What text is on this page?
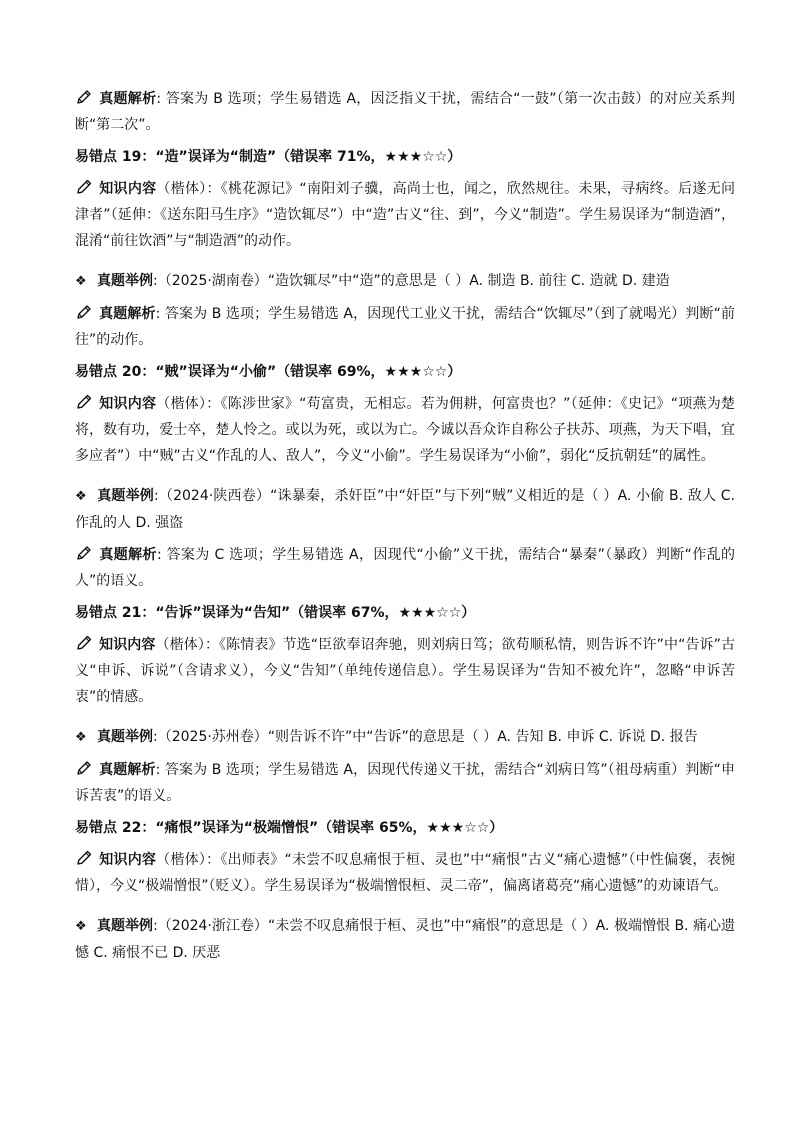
真题解析: 答案为 B 选项；学生易错选 A，因泛指义干扰，需结合“一鼓”（第一次击鼓）的对应关系判断“第二次”。

易错点 19：“造”误译为“制造”（错误率 71%，★★★☆☆）

知识内容（楷体）：《桃花源记》“南阳刘子骥，高尚士也，闻之，欣然规往。未果，寻病终。后遂无问津者”（延伸：《送东阳马生序》“造饮辄尽”）中“造”古义“往、到”，今义“制造”。学生易误译为“制造酒”，混淆“前往饮酒”与“制造酒”的动作。

❖ 真题举例:（2025·湖南卷）“造饮辄尽”中“造”的意思是（ ）A. 制造 B. 前往 C. 造就 D. 建造

真题解析: 答案为 B 选项；学生易错选 A，因现代工业义干扰，需结合“饮辄尽”（到了就喝光）判断“前往”的动作。

易错点 20：“贼”误译为“小偷”（错误率 69%，★★★☆☆）

知识内容（楷体）：《陈涉世家》“苟富贵，无相忘。若为佣耕，何富贵也？”（延伸：《史记》“项燕为楚将，数有功，爱士卒，楚人怜之。或以为死，或以为亡。今诚以吾众诈自称公子扶苏、项燕，为天下唱，宜多应者”）中“贼”古义“作乱的人、敌人”，今义“小偷”。学生易误译为“小偷”，弱化“反抗朝廷”的属性。

❖ 真题举例:（2024·陕西卷）“诛暴秦，杀奸臣”中“奸臣”与下列“贼”义相近的是（ ）A. 小偷 B. 敌人 C. 作乱的人 D. 强盗

真题解析: 答案为 C 选项；学生易错选 A，因现代“小偷”义干扰，需结合“暴秦”（暴政）判断“作乱的人”的语义。

易错点 21：“告诉”误译为“告知”（错误率 67%，★★★☆☆）

知识内容（楷体）：《陈情表》节选“臣欲奉诏奔驰，则刘病日笃；欲苟顺私情，则告诉不许”中“告诉”古义“申诉、诉说”（含请求义），今义“告知”（单纯传递信息）。学生易误译为“告知不被允许”，忽略“申诉苦衷”的情感。

❖ 真题举例:（2025·苏州卷）“则告诉不许”中“告诉”的意思是（ ）A. 告知 B. 申诉 C. 诉说 D. 报告

真题解析: 答案为 B 选项；学生易错选 A，因现代传递义干扰，需结合“刘病日笃”（祖母病重）判断“申诉苦衷”的语义。

易错点 22：“痛恨”误译为“极端憎恨”（错误率 65%，★★★☆☆）

知识内容（楷体）：《出师表》“未尝不叹息痛恨于桓、灵也”中“痛恨”古义“痛心遗憾”（中性偏褒，表惋惜），今义“极端憎恨”（贬义）。学生易误译为“极端憎恨桓、灵二帝”，偏离诸葛亮“痛心遗憾”的劝谏语气。

❖ 真题举例:（2024·浙江卷）“未尝不叹息痛恨于桓、灵也”中“痛恨”的意思是（ ）A. 极端憎恨 B. 痛心遗憾 C. 痛恨不已 D. 厌恶
